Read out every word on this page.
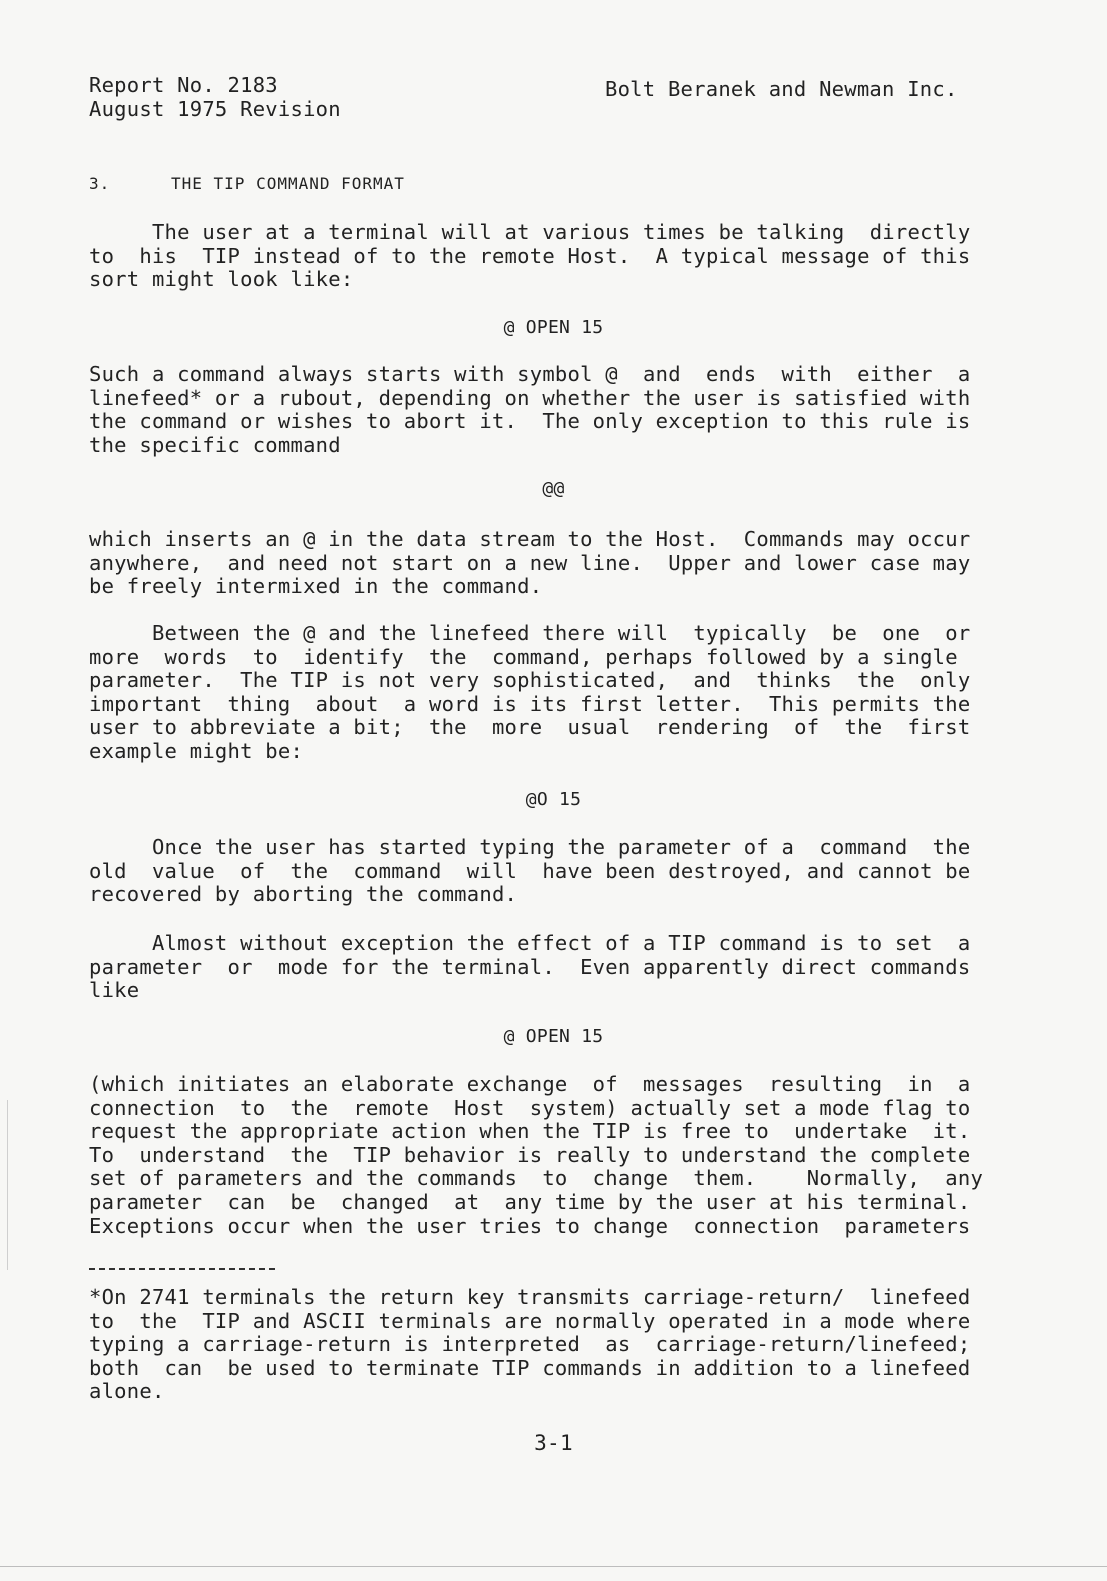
Report No. 2183
August 1975 Revision
Bolt Beranek and Newman Inc.
3.	THE TIP COMMAND FORMAT
The user at a terminal will at various times be talking  directly
to  his  TIP instead of to the remote Host.  A typical message of this
sort might look like:
@ OPEN 15
Such a command always starts with symbol @  and  ends  with  either  a
linefeed* or a rubout, depending on whether the user is satisfied with
the command or wishes to abort it.  The only exception to this rule is
the specific command
@@
which inserts an @ in the data stream to the Host.  Commands may occur
anywhere,  and need not start on a new line.  Upper and lower case may
be freely intermixed in the command.
Between the @ and the linefeed there will  typically  be  one  or
more  words  to  identify  the  command, perhaps followed by a single
parameter.  The TIP is not very sophisticated,  and  thinks  the  only
important  thing  about  a word is its first letter.  This permits the
user to abbreviate a bit;  the  more  usual  rendering  of  the  first
example might be:
@O 15
Once the user has started typing the parameter of a  command  the
old  value  of  the  command  will  have been destroyed, and cannot be
recovered by aborting the command.
Almost without exception the effect of a TIP command is to set  a
parameter  or  mode for the terminal.  Even apparently direct commands
like
@ OPEN 15
(which initiates an elaborate exchange  of  messages  resulting  in  a
connection  to  the  remote  Host  system) actually set a mode flag to
request the appropriate action when the TIP is free to  undertake  it.
To  understand  the  TIP behavior is really to understand the complete
set of parameters and the commands  to  change  them.    Normally,  any
parameter  can  be  changed  at  any time by the user at his terminal.
Exceptions occur when the user tries to change  connection  parameters
*On 2741 terminals the return key transmits carriage-return/  linefeed
to  the  TIP and ASCII terminals are normally operated in a mode where
typing a carriage-return is interpreted  as  carriage-return/linefeed;
both  can  be used to terminate TIP commands in addition to a linefeed
alone.
3-1
